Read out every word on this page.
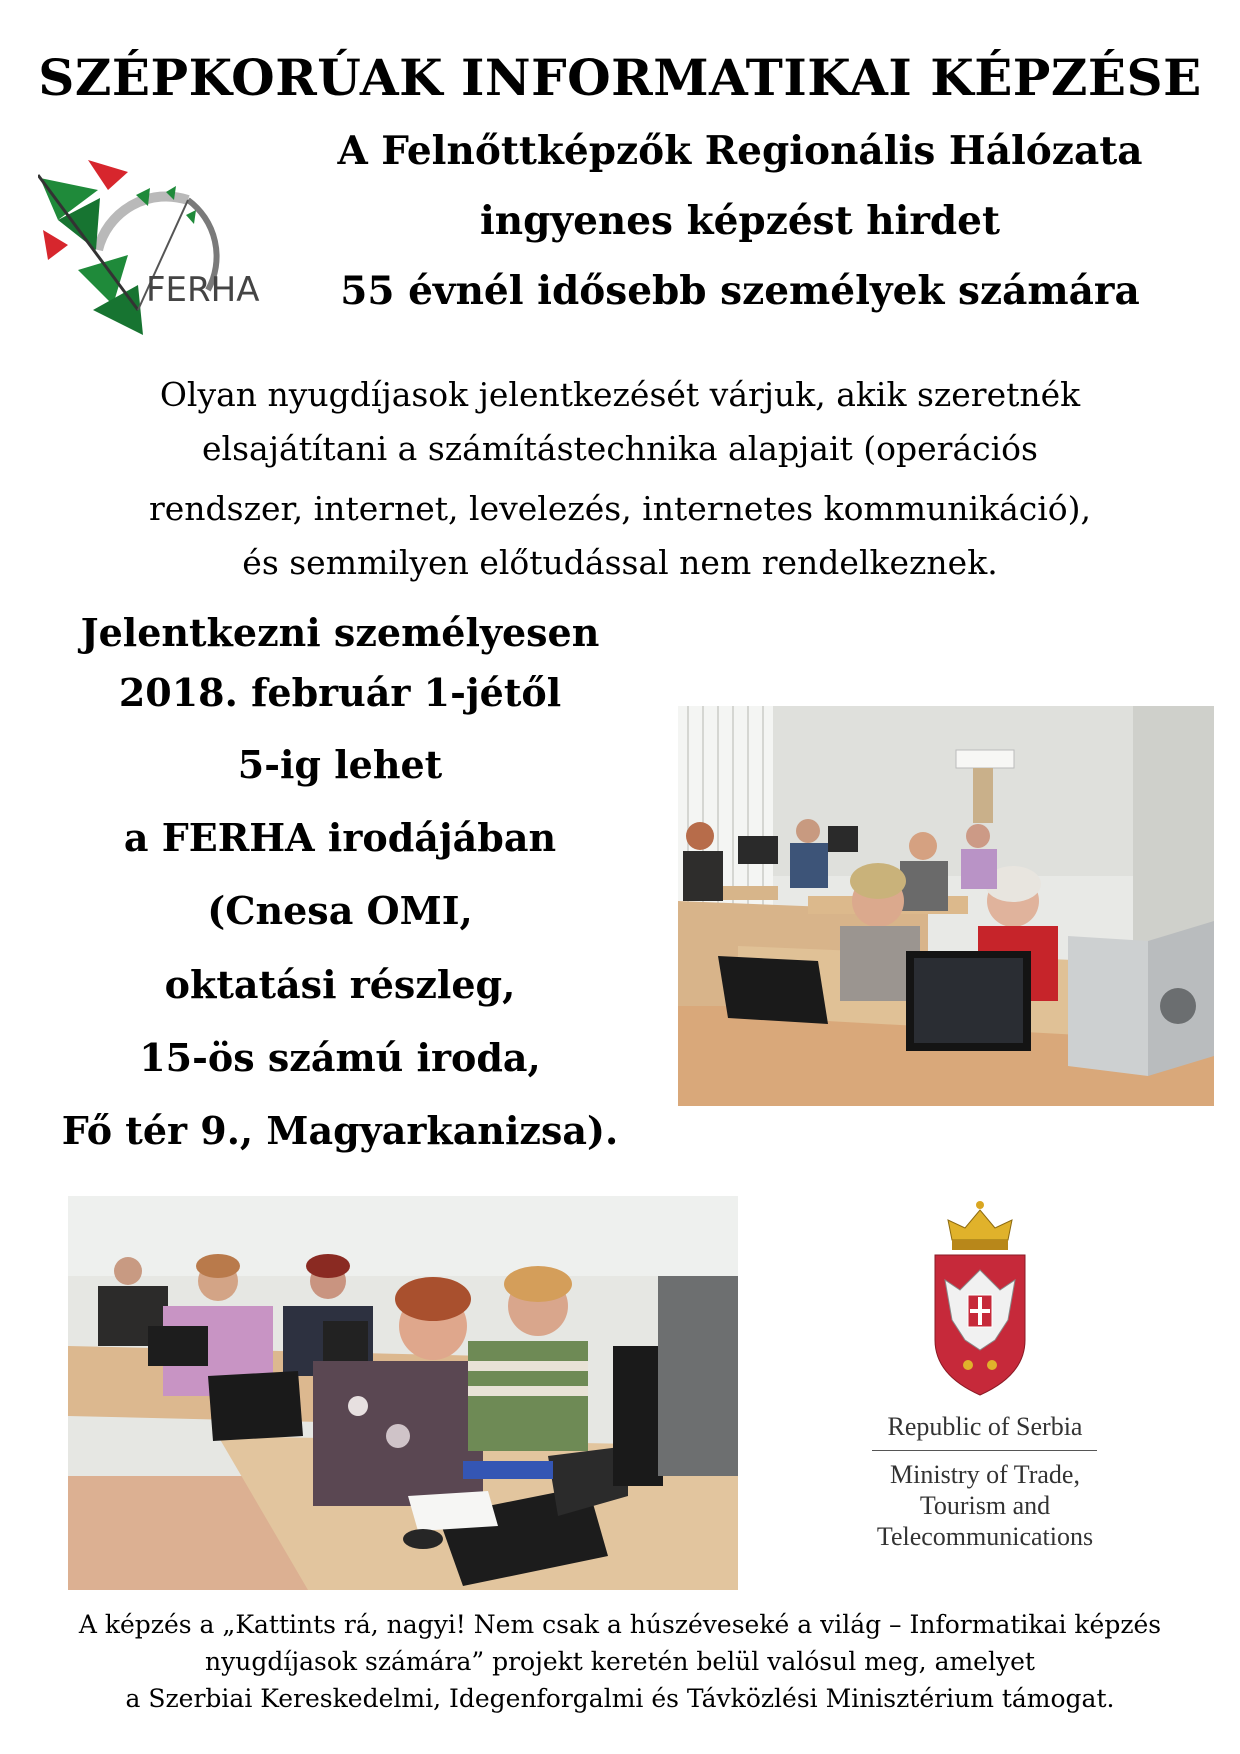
SZÉPKORÚAK INFORMATIKAI KÉPZÉSE
FERHA
A Felnőttképzők Regionális Hálózata
ingyenes képzést hirdet
55 évnél idősebb személyek számára
Olyan nyugdíjasok jelentkezését várjuk, akik szeretnék
elsajátítani a számítástechnika alapjait (operációs
rendszer, internet, levelezés, internetes kommunikáció),
és semmilyen előtudással nem rendelkeznek.
Jelentkezni személyesen
2018. február 1-jétől
5-ig lehet
a FERHA irodájában
(Cnesa OMI,
oktatási részleg,
15-ös számú iroda,
Fő tér 9., Magyarkanizsa).
Republic of Serbia
Ministry of Trade,
Tourism and
Telecommunications
A képzés a „Kattints rá, nagyi! Nem csak a húszéveseké a világ – Informatikai képzés
nyugdíjasok számára” projekt keretén belül valósul meg, amelyet
a Szerbiai Kereskedelmi, Idegenforgalmi és Távközlési Minisztérium támogat.
